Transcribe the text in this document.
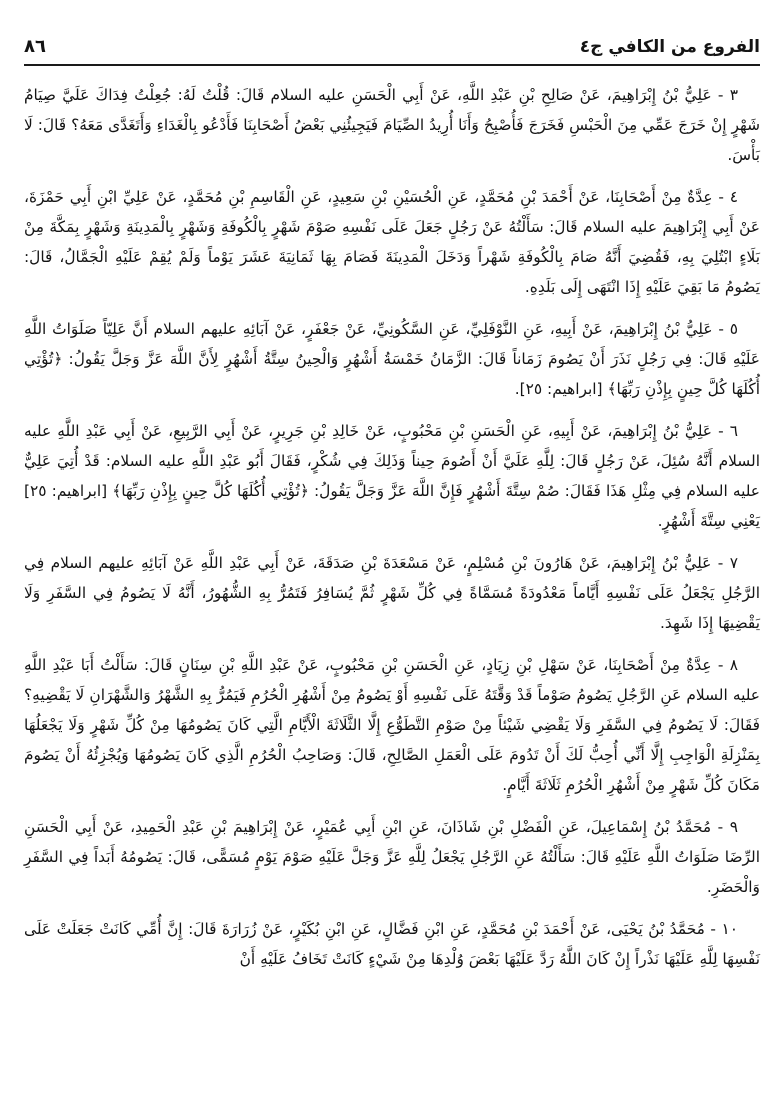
الفروع من الكافي ج٤
٨٦

٣ - عَلِيُّ بْنُ إِبْرَاهِيمَ، عَنْ صَالِحِ بْنِ عَبْدِ اللَّهِ، عَنْ أَبِي الْحَسَنِ عليه السلام قَالَ: قُلْتُ لَهُ: جُعِلْتُ فِدَاكَ عَلَيَّ صِيَامُ شَهْرٍ إِنْ خَرَجَ عَمِّي مِنَ الْحَبْسِ فَخَرَجَ فَأُصْبِحُ وَأَنَا أُرِيدُ الصِّيَامَ فَيَجِيئُنِي بَعْضُ أَصْحَابِنَا فَأَدْعُو بِالْغَدَاءِ وَأَتَغَدَّى مَعَهُ؟ قَالَ: لَا بَأْسَ.

٤ - عِدَّةٌ مِنْ أَصْحَابِنَا، عَنْ أَحْمَدَ بْنِ مُحَمَّدٍ، عَنِ الْحُسَيْنِ بْنِ سَعِيدٍ، عَنِ الْقَاسِمِ بْنِ مُحَمَّدٍ، عَنْ عَلِيِّ ابْنِ أَبِي حَمْزَةَ، عَنْ أَبِي إِبْرَاهِيمَ عليه السلام قَالَ: سَأَلْتُهُ عَنْ رَجُلٍ جَعَلَ عَلَى نَفْسِهِ صَوْمَ شَهْرٍ بِالْكُوفَةِ وَشَهْرٍ بِالْمَدِينَةِ وَشَهْرٍ بِمَكَّةَ مِنْ بَلَاءٍ ابْتُلِيَ بِهِ، فَقُضِيَ أَنَّهُ صَامَ بِالْكُوفَةِ شَهْراً وَدَخَلَ الْمَدِينَةَ فَصَامَ بِهَا ثَمَانِيَةَ عَشَرَ يَوْماً وَلَمْ يُقِمْ عَلَيْهِ الْجَمَّالُ، قَالَ: يَصُومُ مَا بَقِيَ عَلَيْهِ إِذَا انْتَهَى إِلَى بَلَدِهِ.

٥ - عَلِيُّ بْنُ إِبْرَاهِيمَ، عَنْ أَبِيهِ، عَنِ النَّوْفَلِيِّ، عَنِ السَّكُونِيِّ، عَنْ جَعْفَرٍ، عَنْ آبَائِهِ عليهم السلام أَنَّ عَلِيّاً صَلَوَاتُ اللَّهِ عَلَيْهِ قَالَ: فِي رَجُلٍ نَذَرَ أَنْ يَصُومَ زَمَاناً قَالَ: الزَّمَانُ خَمْسَةُ أَشْهُرٍ وَالْحِينُ سِتَّةُ أَشْهُرٍ لِأَنَّ اللَّهَ عَزَّ وَجَلَّ يَقُولُ: ﴿تُؤْتِي أُكُلَهَا كُلَّ حِينٍ بِإِذْنِ رَبِّهَا﴾ [ابراهيم: ٢٥].

٦ - عَلِيُّ بْنُ إِبْرَاهِيمَ، عَنْ أَبِيهِ، عَنِ الْحَسَنِ بْنِ مَحْبُوبٍ، عَنْ خَالِدِ بْنِ جَرِيرٍ، عَنْ أَبِي الرَّبِيعِ، عَنْ أَبِي عَبْدِ اللَّهِ عليه السلام أَنَّهُ سُئِلَ، عَنْ رَجُلٍ قَالَ: لِلَّهِ عَلَيَّ أَنْ أَصُومَ حِيناً وَذَلِكَ فِي شُكْرٍ، فَقَالَ أَبُو عَبْدِ اللَّهِ عليه السلام: قَدْ أُتِيَ عَلِيٌّ عليه السلام فِي مِثْلِ هَذَا فَقَالَ: صُمْ سِتَّةَ أَشْهُرٍ فَإِنَّ اللَّهَ عَزَّ وَجَلَّ يَقُولُ: ﴿تُؤْتِي أُكُلَهَا كُلَّ حِينٍ بِإِذْنِ رَبِّهَا﴾ [ابراهيم: ٢٥] يَعْنِي سِتَّةَ أَشْهُرٍ.

٧ - عَلِيُّ بْنُ إِبْرَاهِيمَ، عَنْ هَارُونَ بْنِ مُسْلِمٍ، عَنْ مَسْعَدَةَ بْنِ صَدَقَةَ، عَنْ أَبِي عَبْدِ اللَّهِ عَنْ آبَائِهِ عليهم السلام فِي الرَّجُلِ يَجْعَلُ عَلَى نَفْسِهِ أَيَّاماً مَعْدُودَةً مُسَمَّاةً فِي كُلِّ شَهْرٍ ثُمَّ يُسَافِرُ فَتَمُرُّ بِهِ الشُّهُورُ، أَنَّهُ لَا يَصُومُ فِي السَّفَرِ وَلَا يَقْضِيهَا إِذَا شَهِدَ.

٨ - عِدَّةٌ مِنْ أَصْحَابِنَا، عَنْ سَهْلِ بْنِ زِيَادٍ، عَنِ الْحَسَنِ بْنِ مَحْبُوبٍ، عَنْ عَبْدِ اللَّهِ بْنِ سِنَانٍ قَالَ: سَأَلْتُ أَبَا عَبْدِ اللَّهِ عليه السلام عَنِ الرَّجُلِ يَصُومُ صَوْماً قَدْ وَقَّتَهُ عَلَى نَفْسِهِ أَوْ يَصُومُ مِنْ أَشْهُرِ الْحُرُمِ فَيَمُرُّ بِهِ الشَّهْرُ وَالشَّهْرَانِ لَا يَقْضِيهِ؟ فَقَالَ: لَا يَصُومُ فِي السَّفَرِ وَلَا يَقْضِي شَيْئاً مِنْ صَوْمِ التَّطَوُّعِ إِلَّا الثَّلَاثَةَ الْأَيَّامِ الَّتِي كَانَ يَصُومُهَا مِنْ كُلِّ شَهْرٍ وَلَا يَجْعَلُهَا بِمَنْزِلَةِ الْوَاجِبِ إِلَّا أَنِّي أُحِبُّ لَكَ أَنْ تَدُومَ عَلَى الْعَمَلِ الصَّالِحِ، قَالَ: وَصَاحِبُ الْحُرُمِ الَّذِي كَانَ يَصُومُهَا وَيُجْزِئُهُ أَنْ يَصُومَ مَكَانَ كُلِّ شَهْرٍ مِنْ أَشْهُرِ الْحُرُمِ ثَلَاثَةَ أَيَّامٍ.

٩ - مُحَمَّدُ بْنُ إِسْمَاعِيلَ، عَنِ الْفَضْلِ بْنِ شَاذَانَ، عَنِ ابْنِ أَبِي عُمَيْرٍ، عَنْ إِبْرَاهِيمَ بْنِ عَبْدِ الْحَمِيدِ، عَنْ أَبِي الْحَسَنِ الرِّضَا صَلَوَاتُ اللَّهِ عَلَيْهِ قَالَ: سَأَلْتُهُ عَنِ الرَّجُلِ يَجْعَلُ لِلَّهِ عَزَّ وَجَلَّ عَلَيْهِ صَوْمَ يَوْمٍ مُسَمًّى، قَالَ: يَصُومُهُ أَبَداً فِي السَّفَرِ وَالْحَضَرِ.

١٠ - مُحَمَّدُ بْنُ يَحْيَى، عَنْ أَحْمَدَ بْنِ مُحَمَّدٍ، عَنِ ابْنِ فَضَّالٍ، عَنِ ابْنِ بُكَيْرٍ، عَنْ زُرَارَةَ قَالَ: إِنَّ أُمِّي كَانَتْ جَعَلَتْ عَلَى نَفْسِهَا لِلَّهِ عَلَيْهَا نَذْراً إِنْ كَانَ اللَّهُ رَدَّ عَلَيْهَا بَعْضَ وُلْدِهَا مِنْ شَيْءٍ كَانَتْ تَخَافُ عَلَيْهِ أَنْ
